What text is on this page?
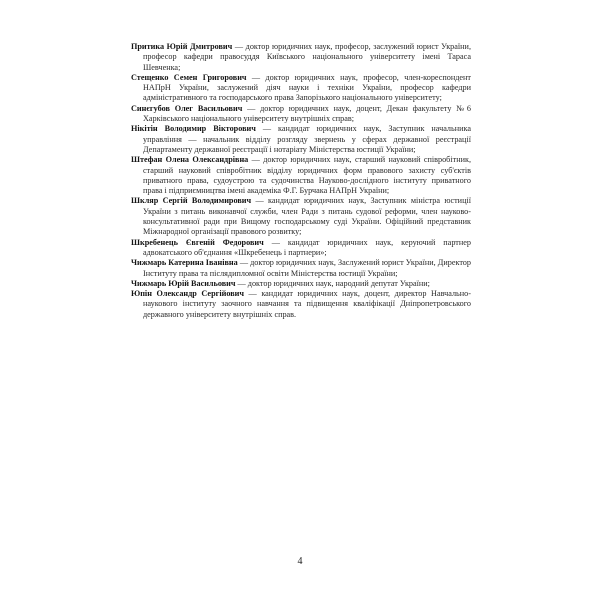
Притика Юрій Дмитрович — доктор юридичних наук, професор, заслужений юрист України, професор кафедри правосуддя Київського національного університету імені Тараса Шевченка;

Стещенко Семен Григорович — доктор юридичних наук, професор, член-кореспондент НАПрН України, заслужений діяч науки і техніки України, професор кафедри адміністративного та господарського права Запорізького національного університету;

Синєгубов Олег Васильович — доктор юридичних наук, доцент, Декан факультету №6 Харківського національного університету внутрішніх справ;

Нікітін Володимир Вікторович — кандидат юридичних наук, Заступник начальника управління — начальник відділу розгляду звернень у сферах державної реєстрації Департаменту державної реєстрації і нотаріату Міністерства юстиції України;

Штефан Олена Олександрівна — доктор юридичних наук, старший науковий співробітник, старший науковий співробітник відділу юридичних форм правового захисту суб'єктів приватного права, судоустрою та судочинства Науково-дослідного інституту приватного права і підприємництва імені академіка Ф.Г. Бурчака НАПрН України;

Шкляр Сергій Володимирович — кандидат юридичних наук, Заступник міністра юстиції України з питань виконавчої служби, член Ради з питань судової реформи, член науково-консультативної ради при Вищому господарському суді України. Офіційний представник Міжнародної організації правового розвитку;

Шкребенець Євгеній Федорович — кандидат юридичних наук, керуючий партнер адвокатського об'єднання «Шкребенець і партнери»;

Чижмарь Катерина Іванівна — доктор юридичних наук, Заслужений юрист України, Директор Інституту права та післядипломної освіти Міністерства юстиції України;

Чижмарь Юрій Васильович — доктор юридичних наук, народний депутат України;

Юпін Олександр Сергійович — кандидат юридичних наук, доцент, директор Навчально-наукового інституту заочного навчання та підвищення кваліфікації Дніпропетровського державного університету внутрішніх справ.

4
